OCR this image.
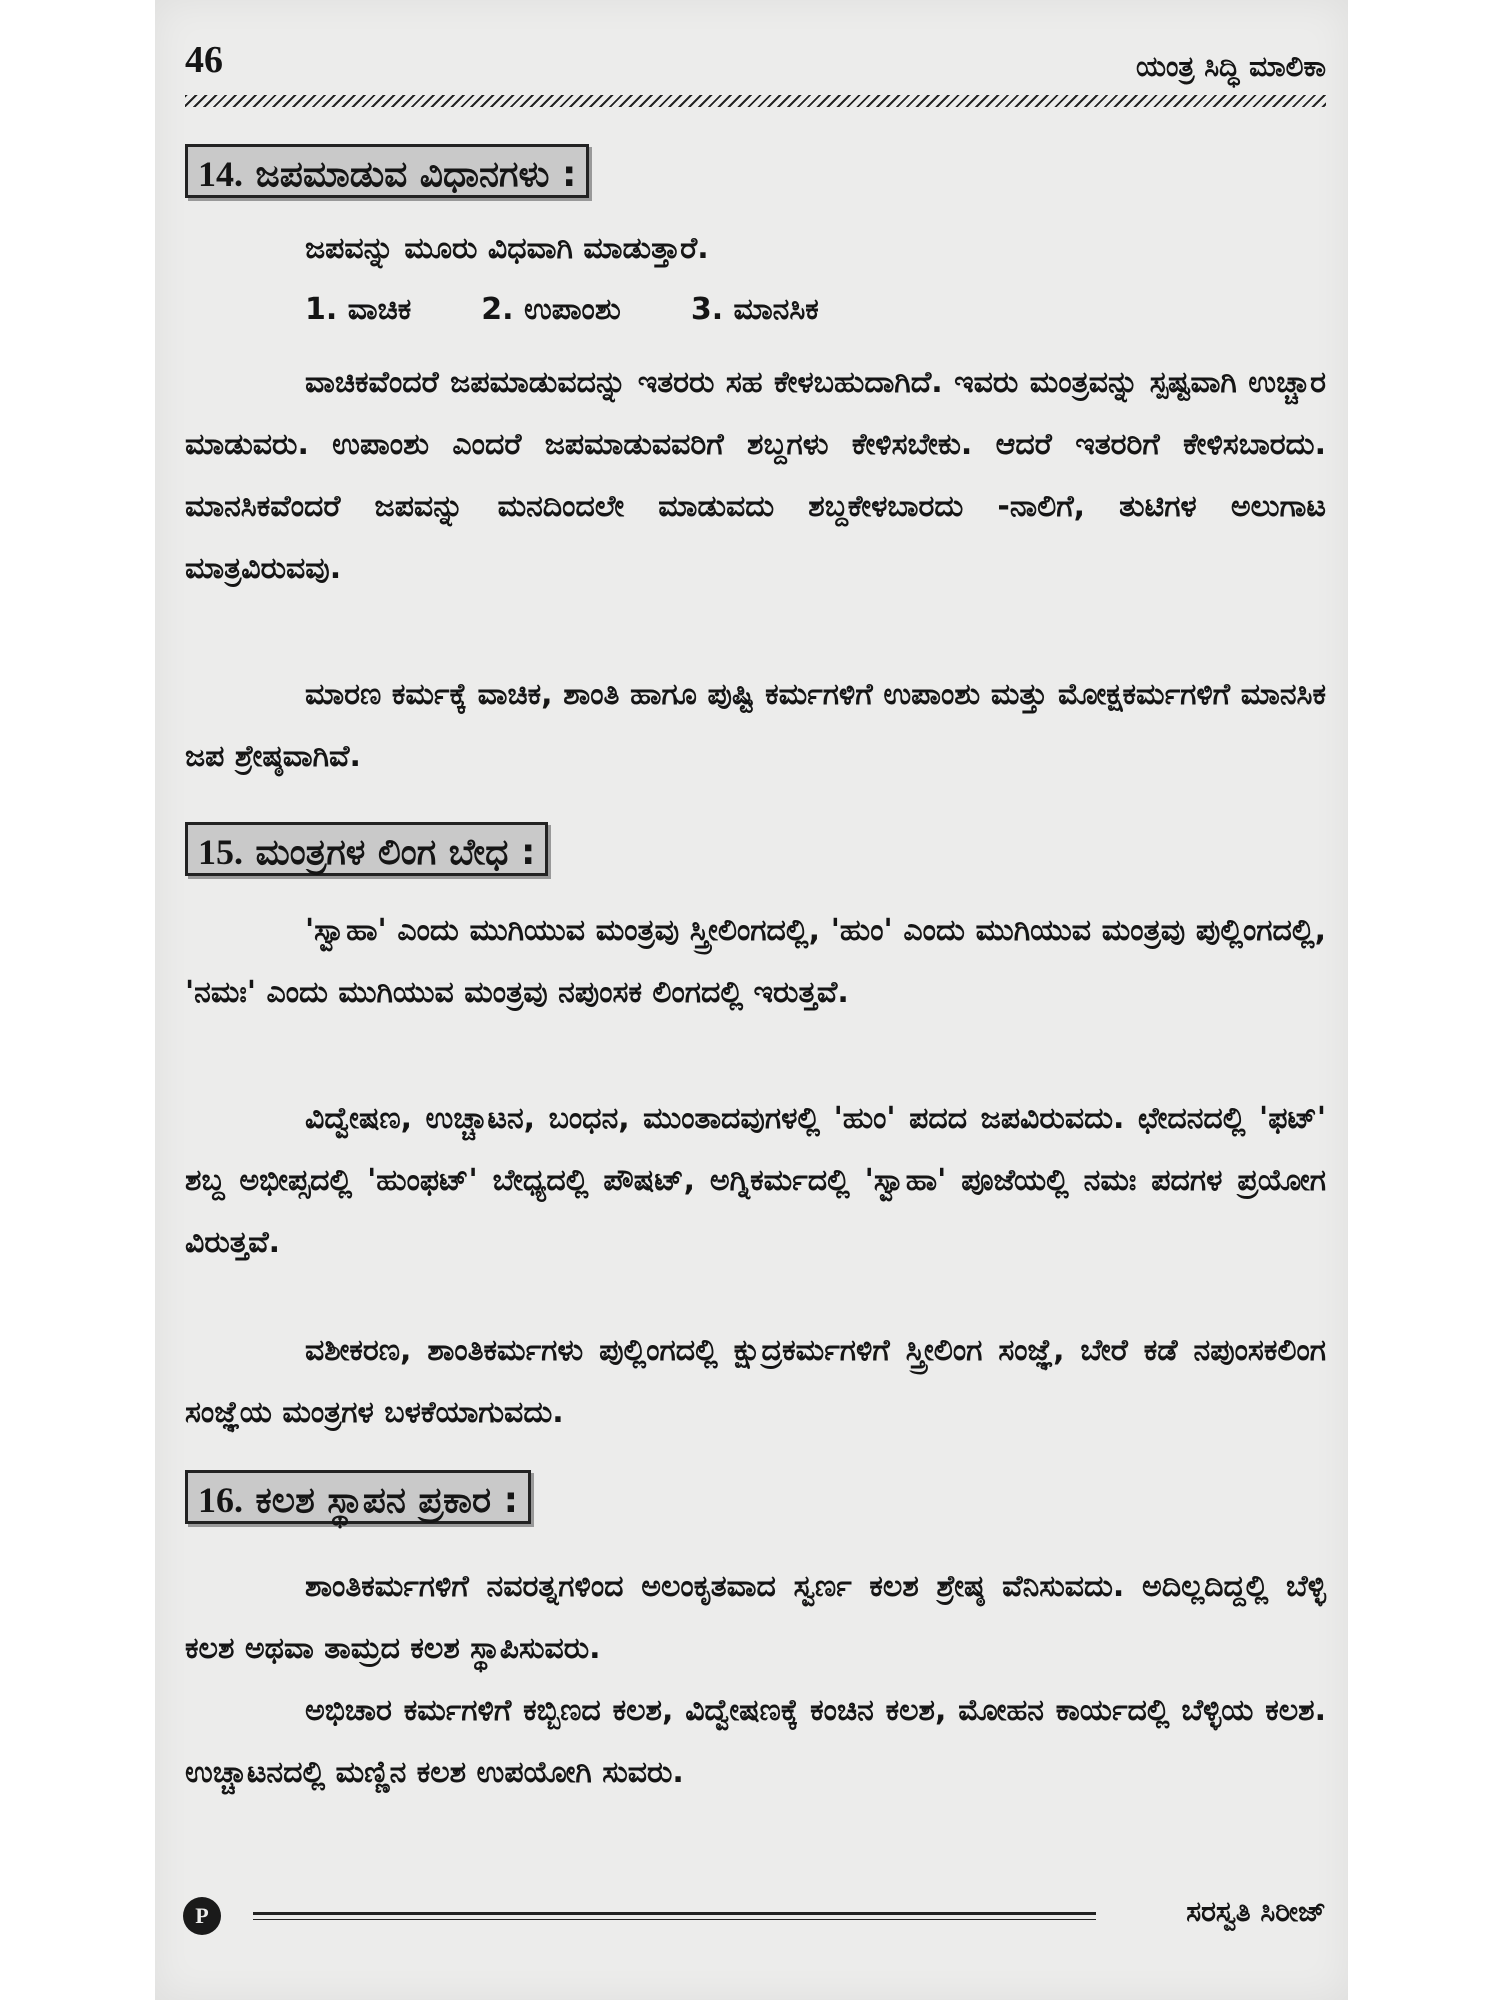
46	ಯಂತ್ರ ಸಿದ್ಧಿ ಮಾಲಿಕಾ
14. ಜಪಮಾಡುವ ವಿಧಾನಗಳು :

ಜಪವನ್ನು ಮೂರು ವಿಧವಾಗಿ ಮಾಡುತ್ತಾರೆ.

1. ವಾಚಿಕ 2. ಉಪಾಂಶು 3. ಮಾನಸಿಕ

ವಾಚಿಕವೆಂದರೆ ಜಪಮಾಡುವದನ್ನು ಇತರರು ಸಹ ಕೇಳಬಹುದಾಗಿದೆ. ಇವರು ಮಂತ್ರವನ್ನು ಸ್ಪಷ್ಟವಾಗಿ ಉಚ್ಚಾರ ಮಾಡುವರು. ಉಪಾಂಶು ಎಂದರೆ ಜಪಮಾಡುವವರಿಗೆ ಶಬ್ದಗಳು ಕೇಳಿಸಬೇಕು. ಆದರೆ ಇತರರಿಗೆ ಕೇಳಿಸಬಾರದು. ಮಾನಸಿಕವೆಂದರೆ ಜಪವನ್ನು ಮನದಿಂದಲೇ ಮಾಡುವದು ಶಬ್ದಕೇಳಬಾರದು -ನಾಲಿಗೆ, ತುಟಿಗಳ ಅಲುಗಾಟ ಮಾತ್ರವಿರುವವು.

ಮಾರಣ ಕರ್ಮಕ್ಕೆ ವಾಚಿಕ, ಶಾಂತಿ ಹಾಗೂ ಪುಷ್ಟಿ ಕರ್ಮಗಳಿಗೆ ಉಪಾಂಶು ಮತ್ತು ಮೋಕ್ಷಕರ್ಮಗಳಿಗೆ ಮಾನಸಿಕ ಜಪ ಶ್ರೇಷ್ಠವಾಗಿವೆ.

15. ಮಂತ್ರಗಳ ಲಿಂಗ ಬೇಧ :

'ಸ್ವಾಹಾ' ಎಂದು ಮುಗಿಯುವ ಮಂತ್ರವು ಸ್ತ್ರೀಲಿಂಗದಲ್ಲಿ, 'ಹುಂ' ಎಂದು ಮುಗಿಯುವ ಮಂತ್ರವು ಪುಲ್ಲಿಂಗದಲ್ಲಿ, 'ನಮಃ' ಎಂದು ಮುಗಿಯುವ ಮಂತ್ರವು ನಪುಂಸಕ ಲಿಂಗದಲ್ಲಿ ಇರುತ್ತವೆ.

ವಿದ್ವೇಷಣ, ಉಚ್ಚಾಟನ, ಬಂಧನ, ಮುಂತಾದವುಗಳಲ್ಲಿ 'ಹುಂ' ಪದದ ಜಪವಿರುವದು. ಛೇದನದಲ್ಲಿ 'ಫಟ್' ಶಬ್ದ ಅಭೀಪ್ಸದಲ್ಲಿ 'ಹುಂಫಟ್' ಬೇಧ್ಯದಲ್ಲಿ ಪೌಷಟ್, ಅಗ್ನಿಕರ್ಮದಲ್ಲಿ 'ಸ್ವಾಹಾ' ಪೂಜೆಯಲ್ಲಿ ನಮಃ ಪದಗಳ ಪ್ರಯೋಗ ವಿರುತ್ತವೆ.

ವಶೀಕರಣ, ಶಾಂತಿಕರ್ಮಗಳು ಪುಲ್ಲಿಂಗದಲ್ಲಿ ಕ್ಷುದ್ರಕರ್ಮಗಳಿಗೆ ಸ್ತ್ರೀಲಿಂಗ ಸಂಜ್ಞೆ, ಬೇರೆ ಕಡೆ ನಪುಂಸಕಲಿಂಗ ಸಂಜ್ಞೆಯ ಮಂತ್ರಗಳ ಬಳಕೆಯಾಗುವದು.

16. ಕಲಶ ಸ್ಥಾಪನ ಪ್ರಕಾರ :

ಶಾಂತಿಕರ್ಮಗಳಿಗೆ ನವರತ್ನಗಳಿಂದ ಅಲಂಕೃತವಾದ ಸ್ವರ್ಣ ಕಲಶ ಶ್ರೇಷ್ಠ ವೆನಿಸುವದು. ಅದಿಲ್ಲದಿದ್ದಲ್ಲಿ ಬೆಳ್ಳಿ ಕಲಶ ಅಥವಾ ತಾಮ್ರದ ಕಲಶ ಸ್ಥಾಪಿಸುವರು.

ಅಭಿಚಾರ ಕರ್ಮಗಳಿಗೆ ಕಬ್ಬಿಣದ ಕಲಶ, ವಿದ್ವೇಷಣಕ್ಕೆ ಕಂಚಿನ ಕಲಶ, ಮೋಹನ ಕಾರ್ಯದಲ್ಲಿ ಬೆಳ್ಳಿಯ ಕಲಶ. ಉಚ್ಚಾಟನದಲ್ಲಿ ಮಣ್ಣಿನ ಕಲಶ ಉಪಯೋಗಿ ಸುವರು.

P	ಸರಸ್ವತಿ ಸಿರೀಜ್
